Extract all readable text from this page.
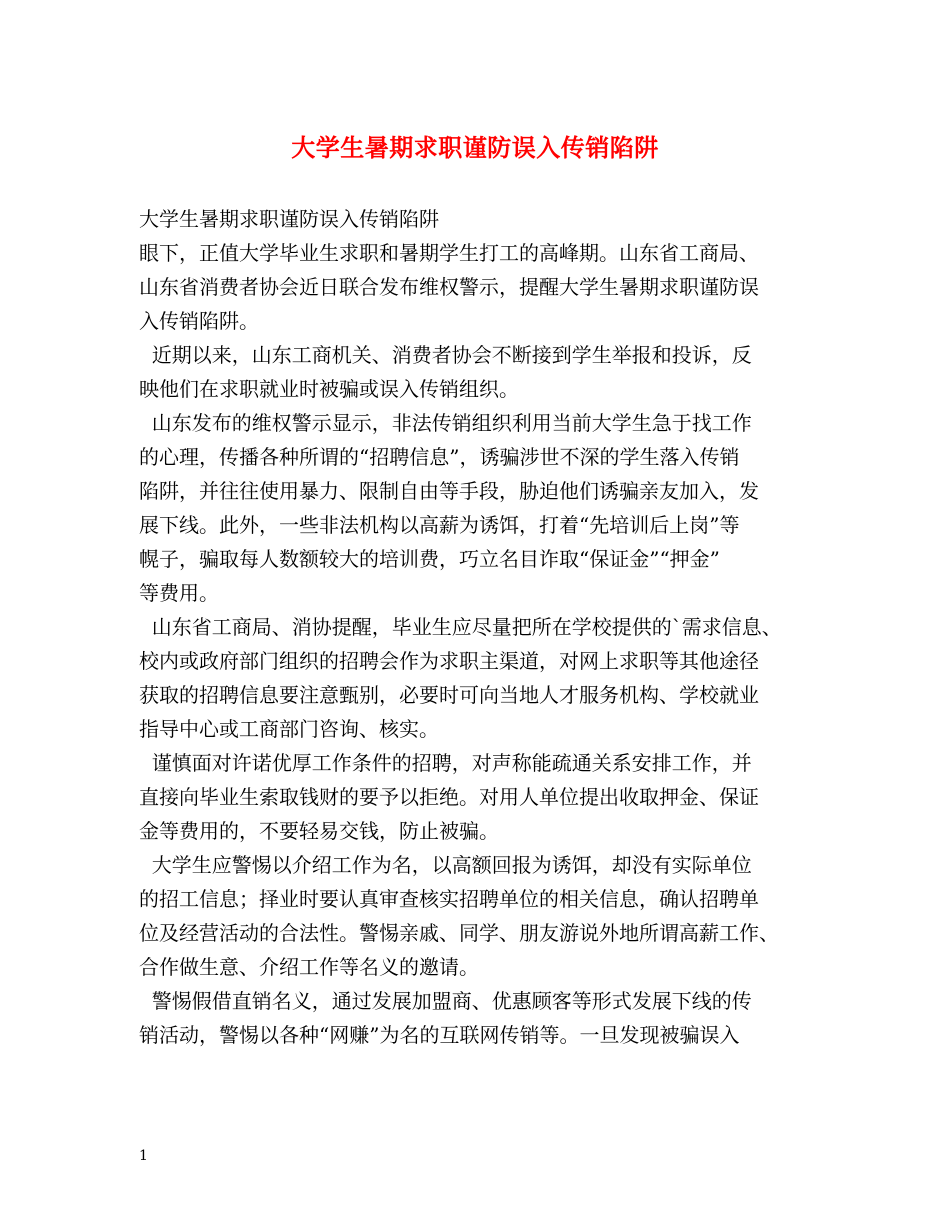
大学生暑期求职谨防误入传销陷阱
大学生暑期求职谨防误入传销陷阱
眼下，正值大学毕业生求职和暑期学生打工的高峰期。山东省工商局、
山东省消费者协会近日联合发布维权警示，提醒大学生暑期求职谨防误
入传销陷阱。
近期以来，山东工商机关、消费者协会不断接到学生举报和投诉，反
映他们在求职就业时被骗或误入传销组织。
山东发布的维权警示显示，非法传销组织利用当前大学生急于找工作
的心理，传播各种所谓的“招聘信息”，诱骗涉世不深的学生落入传销
陷阱，并往往使用暴力、限制自由等手段，胁迫他们诱骗亲友加入，发
展下线。此外，一些非法机构以高薪为诱饵，打着“先培训后上岗”等
幌子，骗取每人数额较大的培训费，巧立名目诈取“保证金”“押金”
等费用。
山东省工商局、消协提醒，毕业生应尽量把所在学校提供的`需求信息、
校内或政府部门组织的招聘会作为求职主渠道，对网上求职等其他途径
获取的招聘信息要注意甄别，必要时可向当地人才服务机构、学校就业
指导中心或工商部门咨询、核实。
谨慎面对许诺优厚工作条件的招聘，对声称能疏通关系安排工作，并
直接向毕业生索取钱财的要予以拒绝。对用人单位提出收取押金、保证
金等费用的，不要轻易交钱，防止被骗。
大学生应警惕以介绍工作为名，以高额回报为诱饵，却没有实际单位
的招工信息；择业时要认真审查核实招聘单位的相关信息，确认招聘单
位及经营活动的合法性。警惕亲戚、同学、朋友游说外地所谓高薪工作、
合作做生意、介绍工作等名义的邀请。
警惕假借直销名义，通过发展加盟商、优惠顾客等形式发展下线的传
销活动，警惕以各种“网赚”为名的互联网传销等。一旦发现被骗误入
1
